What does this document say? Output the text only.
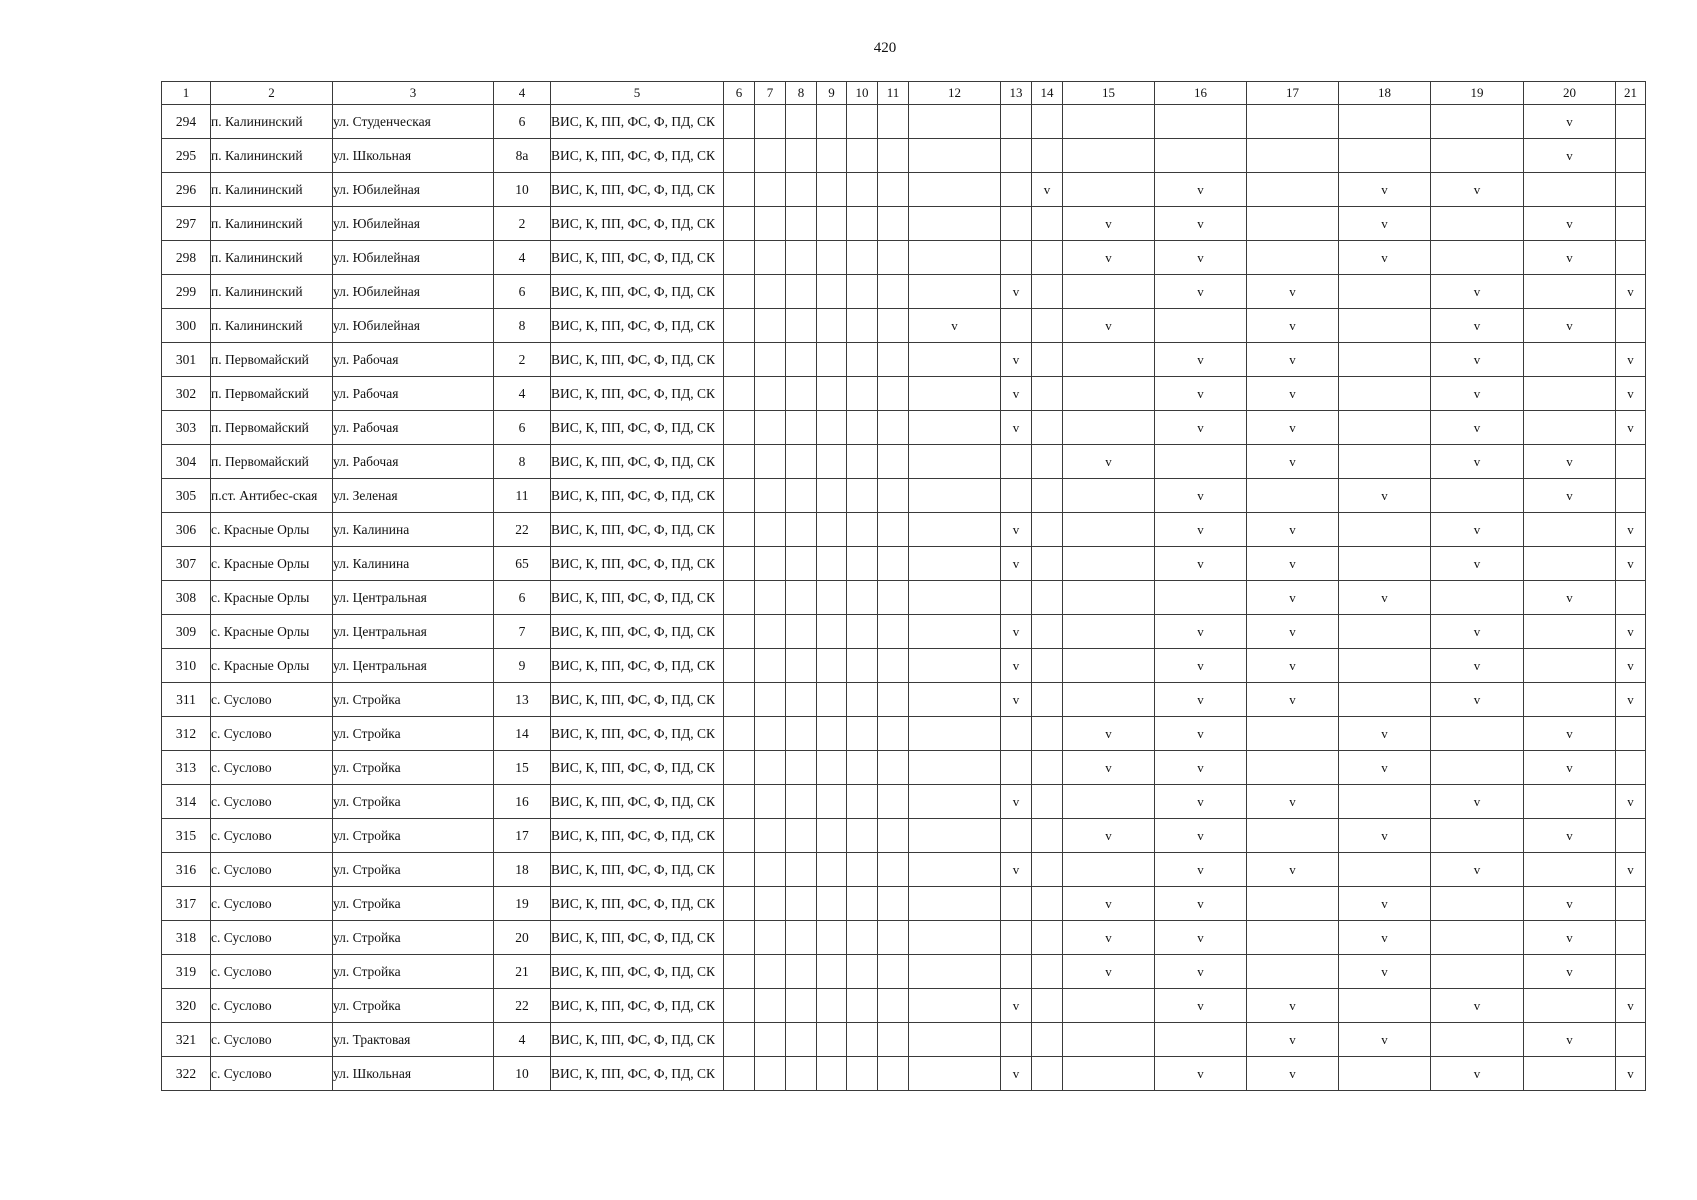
420
1	2	3	4	5	6	7	8	9	10	11	12	13	14	15	16	17	18	19	20	21
294	п. Калининский	ул. Студенческая	6	ВИС, К, ПП, ФС, Ф, ПД, СК															v	
295	п. Калининский	ул. Школьная	8а	ВИС, К, ПП, ФС, Ф, ПД, СК															v	
296	п. Калининский	ул. Юбилейная	10	ВИС, К, ПП, ФС, Ф, ПД, СК									v		v		v	v		
297	п. Калининский	ул. Юбилейная	2	ВИС, К, ПП, ФС, Ф, ПД, СК										v	v		v		v	
298	п. Калининский	ул. Юбилейная	4	ВИС, К, ПП, ФС, Ф, ПД, СК										v	v		v		v	
299	п. Калининский	ул. Юбилейная	6	ВИС, К, ПП, ФС, Ф, ПД, СК								v			v	v		v		v
300	п. Калининский	ул. Юбилейная	8	ВИС, К, ПП, ФС, Ф, ПД, СК							v			v		v		v	v	
301	п. Первомайский	ул. Рабочая	2	ВИС, К, ПП, ФС, Ф, ПД, СК								v			v	v		v		v
302	п. Первомайский	ул. Рабочая	4	ВИС, К, ПП, ФС, Ф, ПД, СК								v			v	v		v		v
303	п. Первомайский	ул. Рабочая	6	ВИС, К, ПП, ФС, Ф, ПД, СК								v			v	v		v		v
304	п. Первомайский	ул. Рабочая	8	ВИС, К, ПП, ФС, Ф, ПД, СК										v		v		v	v	
305	п.ст. Антибес-ская	ул. Зеленая	11	ВИС, К, ПП, ФС, Ф, ПД, СК											v		v		v	
306	с. Красные Орлы	ул. Калинина	22	ВИС, К, ПП, ФС, Ф, ПД, СК								v			v	v		v		v
307	с. Красные Орлы	ул. Калинина	65	ВИС, К, ПП, ФС, Ф, ПД, СК								v			v	v		v		v
308	с. Красные Орлы	ул. Центральная	6	ВИС, К, ПП, ФС, Ф, ПД, СК												v	v		v	
309	с. Красные Орлы	ул. Центральная	7	ВИС, К, ПП, ФС, Ф, ПД, СК								v			v	v		v		v
310	с. Красные Орлы	ул. Центральная	9	ВИС, К, ПП, ФС, Ф, ПД, СК								v			v	v		v		v
311	с. Суслово	ул. Стройка	13	ВИС, К, ПП, ФС, Ф, ПД, СК								v			v	v		v		v
312	с. Суслово	ул. Стройка	14	ВИС, К, ПП, ФС, Ф, ПД, СК										v	v		v		v	
313	с. Суслово	ул. Стройка	15	ВИС, К, ПП, ФС, Ф, ПД, СК										v	v		v		v	
314	с. Суслово	ул. Стройка	16	ВИС, К, ПП, ФС, Ф, ПД, СК								v			v	v		v		v
315	с. Суслово	ул. Стройка	17	ВИС, К, ПП, ФС, Ф, ПД, СК										v	v		v		v	
316	с. Суслово	ул. Стройка	18	ВИС, К, ПП, ФС, Ф, ПД, СК								v			v	v		v		v
317	с. Суслово	ул. Стройка	19	ВИС, К, ПП, ФС, Ф, ПД, СК										v	v		v		v	
318	с. Суслово	ул. Стройка	20	ВИС, К, ПП, ФС, Ф, ПД, СК										v	v		v		v	
319	с. Суслово	ул. Стройка	21	ВИС, К, ПП, ФС, Ф, ПД, СК										v	v		v		v	
320	с. Суслово	ул. Стройка	22	ВИС, К, ПП, ФС, Ф, ПД, СК								v			v	v		v		v
321	с. Суслово	ул. Трактовая	4	ВИС, К, ПП, ФС, Ф, ПД, СК												v	v		v	
322	с. Суслово	ул. Школьная	10	ВИС, К, ПП, ФС, Ф, ПД, СК								v			v	v		v		v
